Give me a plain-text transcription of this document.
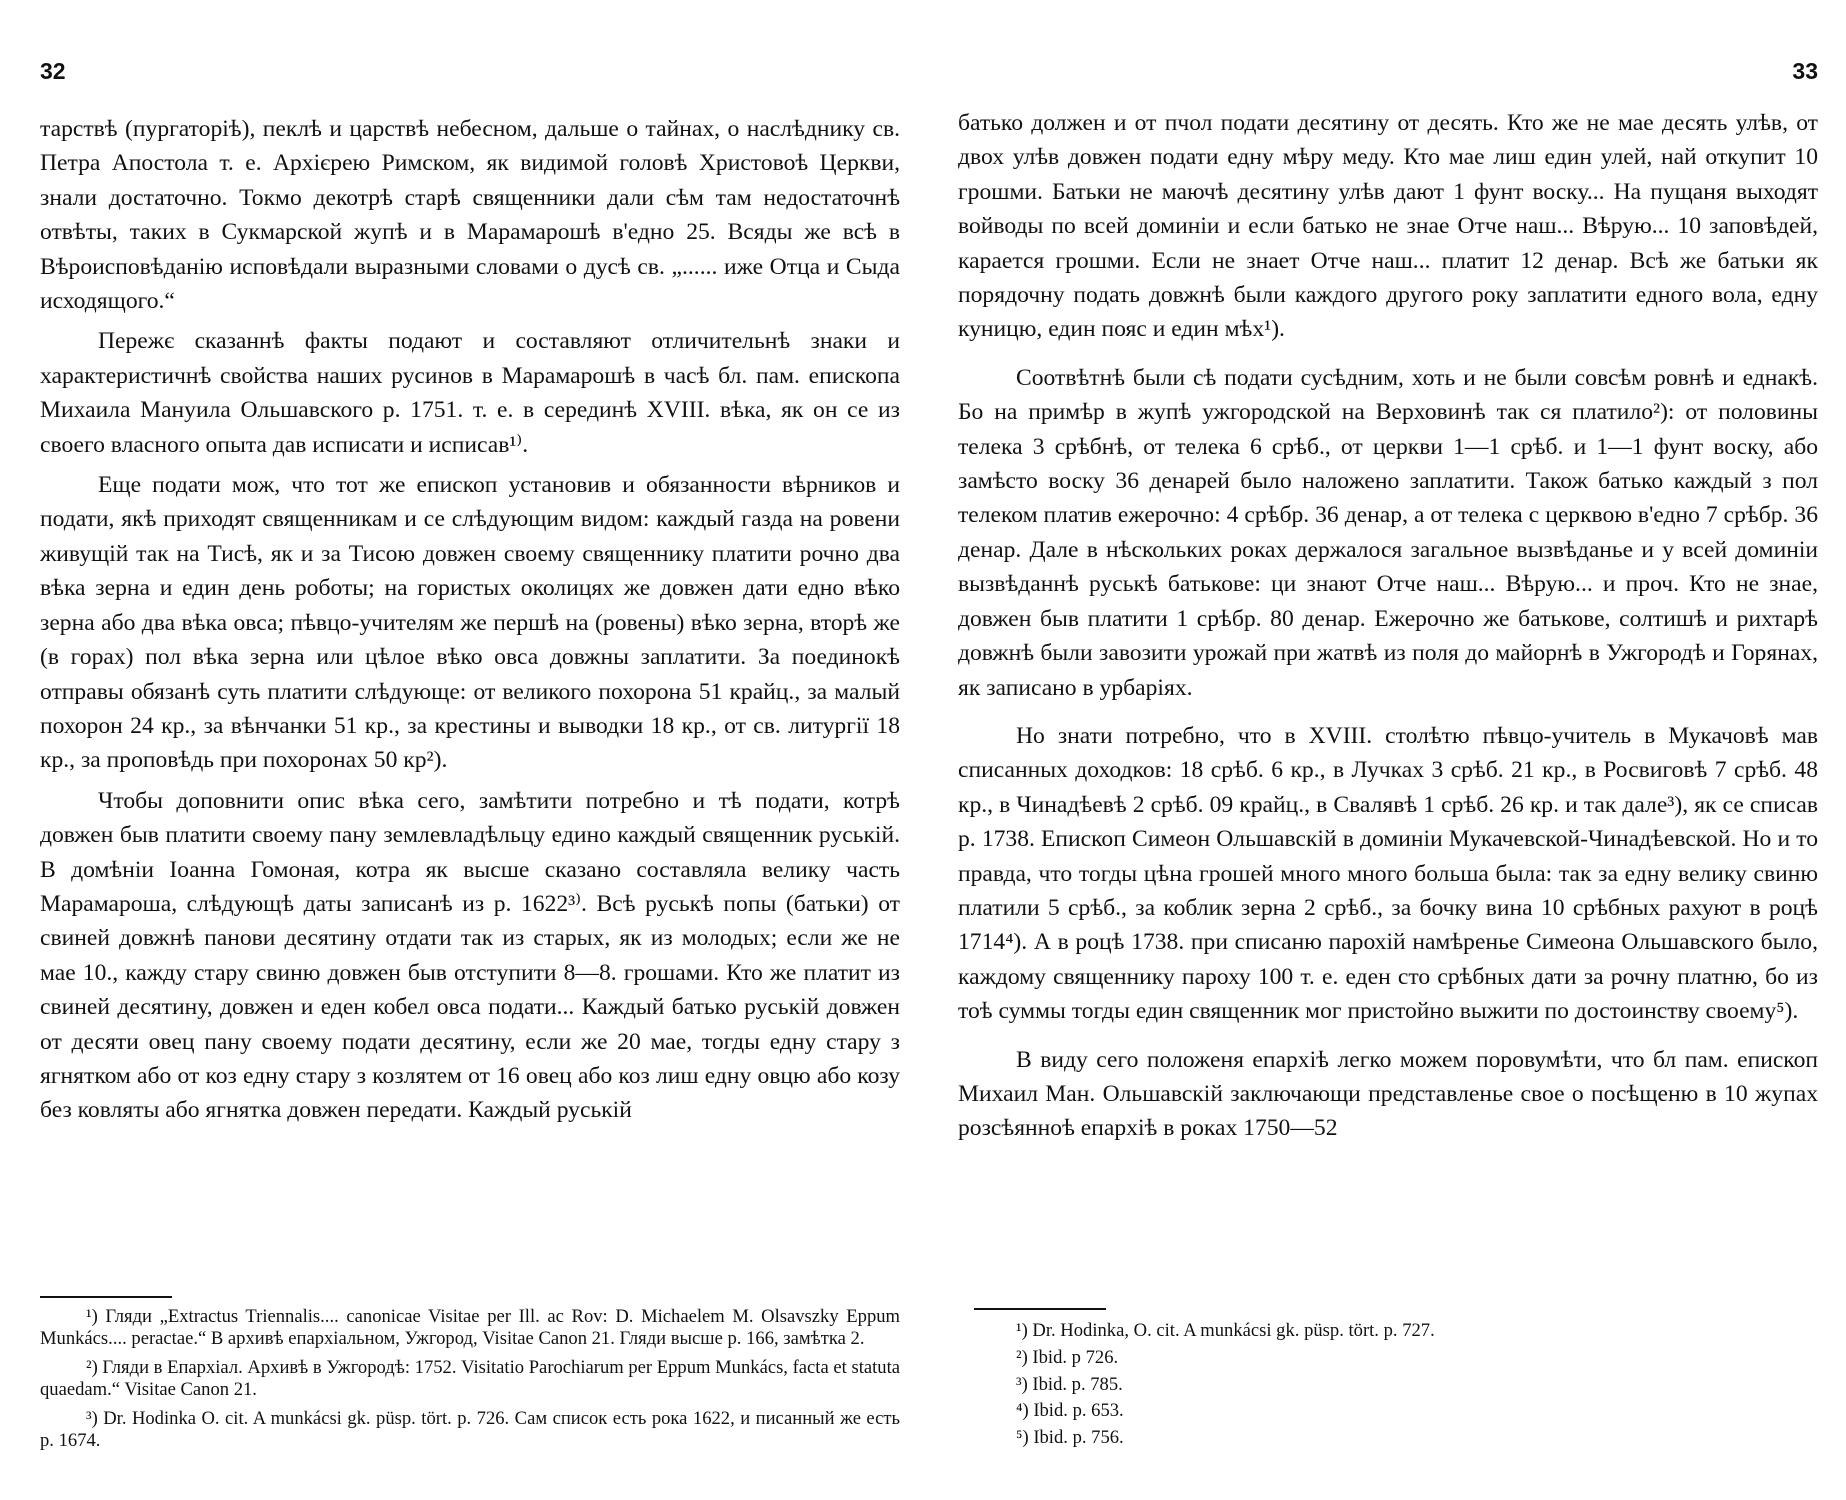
32

тарствѣ (пургаторіѣ), пеклѣ и царствѣ небесном, дальше о тайнах, о наслѣднику св. Петра Апостола т. е. Архієрею Римском, як видимой головѣ Христовоѣ Церкви, знали достаточно. Токмо декотрѣ старѣ священники дали сѣм там недостаточнѣ отвѣты, таких в Сукмарской жупѣ и в Марамарошѣ в'едно 25. Всяды же всѣ в Вѣроисповѣданію исповѣдали выразными словами о дусѣ св. „...... иже Отца и Сыда исходящого.“

Пережє сказаннѣ факты подают и составляют отличительнѣ знаки и характеристичнѣ свойства наших русинов в Марамарошѣ в часѣ бл. пам. епископа Михаила Мануила Ольшавского р. 1751. т. е. в серединѣ XVIII. вѣка, як он се из своего власного опыта дав исписати и исписав¹⁾.

Еще подати мож, что тот же епископ установив и обязанности вѣрников и подати, якѣ приходят священникам и се слѣдующим видом: каждый газда на ровени живущій так на Тисѣ, як и за Тисою довжен своему священнику платити рочно два вѣка зерна и един день роботы; на гористых околицях же довжен дати едно вѣко зерна або два вѣка овса; пѣвцо-учителям же першѣ на (ровены) вѣко зерна, вторѣ же (в горах) пол вѣка зерна или цѣлое вѣко овса довжны заплатити. За поединокѣ отправы обязанѣ суть платити слѣдующе: от великого похорона 51 крайц., за малый похорон 24 кр., за вѣнчанки 51 кр., за крестины и выводки 18 кр., от св. литургії 18 кр., за проповѣдь при похоронах 50 кр²).

Чтобы доповнити опис вѣка сего, замѣтити потребно и тѣ подати, котрѣ довжен быв платити своему пану землевладѣльцу едино каждый священник руській. В домѣніи Іоанна Гомоная, котра як высше сказано составляла велику часть Марамароша, слѣдующѣ даты записанѣ из р. 1622³⁾. Всѣ руськѣ попы (батьки) от свиней довжнѣ панови десятину отдати так из старых, як из молодых; если же не мае 10., кажду стару свиню довжен быв отступити 8—8. грошами. Кто же платит из свиней десятину, довжен и еден кобел овса подати... Каждый батько руській довжен от десяти овец пану своему подати десятину, если же 20 мае, тогды едну стару з ягнятком або от коз едну стару з козлятем от 16 овец або коз лиш едну овцю або козу без ковляты або ягнятка довжен передати. Каждый руській

¹) Гляди „Extractus Triennalis.... canonicae Visitae per Ill. ac Rov: D. Michaelem M. Olsavszky Eppum Munkács.... peractae.“ В архивѣ епархіальном, Ужгород, Visitae Canon 21. Гляди высше р. 166, замѣтка 2.

²) Гляди в Епархіал. Архивѣ в Ужгородѣ: 1752. Visitatio Parochiarum per Eppum Munkács, facta et statuta quaedam.“ Visitae Canon 21.

³) Dr. Hodinka O. cit. A munkácsi gk. püsp. tört. p. 726. Сам список есть рока 1622, и писанный же есть р. 1674.

33

батько должен и от пчол подати десятину от десять. Кто же не мае десять улѣв, от двох улѣв довжен подати едну мѣру меду. Кто мае лиш един улей, най откупит 10 грошми. Батьки не маючѣ десятину улѣв дают 1 фунт воску... На пущаня выходят войводы по всей доминіи и если батько не знае Отче наш... Вѣрую... 10 заповѣдей, карается грошми. Если не знает Отче наш... платит 12 денар. Всѣ же батьки як порядочну подать довжнѣ были каждого другого року заплатити едного вола, едну куницю, един пояс и един мѣх¹).

Соотвѣтнѣ были сѣ подати сусѣдним, хоть и не были совсѣм ровнѣ и еднакѣ. Бо на примѣр в жупѣ ужгородской на Верховинѣ так ся платило²): от половины телека 3 срѣбнѣ, от телека 6 срѣб., от церкви 1—1 срѣб. и 1—1 фунт воску, або замѣсто воску 36 денарей было наложено заплатити. Також батько каждый з пол телеком платив ежерочно: 4 срѣбр. 36 денар, а от телека с церквою в'едно 7 срѣбр. 36 денар. Дале в нѣскольких роках держалося загальное вызвѣданье и у всей доминіи вызвѣданнѣ руськѣ батькове: ци знают Отче наш... Вѣрую... и проч. Кто не знае, довжен быв платити 1 срѣбр. 80 денар. Ежерочно же батькове, солтишѣ и рихтарѣ довжнѣ были завозити урожай при жатвѣ из поля до майорнѣ в Ужгородѣ и Горянах, як записано в урбаріях.

Но знати потребно, что в XVIII. столѣтю пѣвцо-учитель в Мукачовѣ мав списанных доходков: 18 срѣб. 6 кр., в Лучках 3 срѣб. 21 кр., в Росвиговѣ 7 срѣб. 48 кр., в Чинадѣевѣ 2 срѣб. 09 крайц., в Свалявѣ 1 срѣб. 26 кр. и так дале³), як се списав р. 1738. Епископ Симеон Ольшавскій в доминіи Мукачевской-Чинадѣевской. Но и то правда, что тогды цѣна грошей много много больша была: так за едну велику свиню платили 5 срѣб., за коблик зерна 2 срѣб., за бочку вина 10 срѣбных рахуют в роцѣ 1714⁴). А в роцѣ 1738. при списаню парохій намѣренье Симеона Ольшавского было, каждому священнику пароху 100 т. е. еден сто срѣбных дати за рочну платню, бо из тоѣ суммы тогды един священник мог пристойно выжити по достоинству своему⁵).

В виду сего положеня епархіѣ легко можем поровумѣти, что бл пам. епископ Михаил Ман. Ольшавскій заключающи представленье свое о посѣщеню в 10 жупах розсѣянноѣ епархіѣ в роках 1750—52

¹) Dr. Hodinka, O. cit. A munkácsi gk. püsp. tört. p. 727.

²) Ibid. p 726.

³) Ibid. p. 785.

⁴) Ibid. p. 653.

⁵) Ibid. p. 756.
